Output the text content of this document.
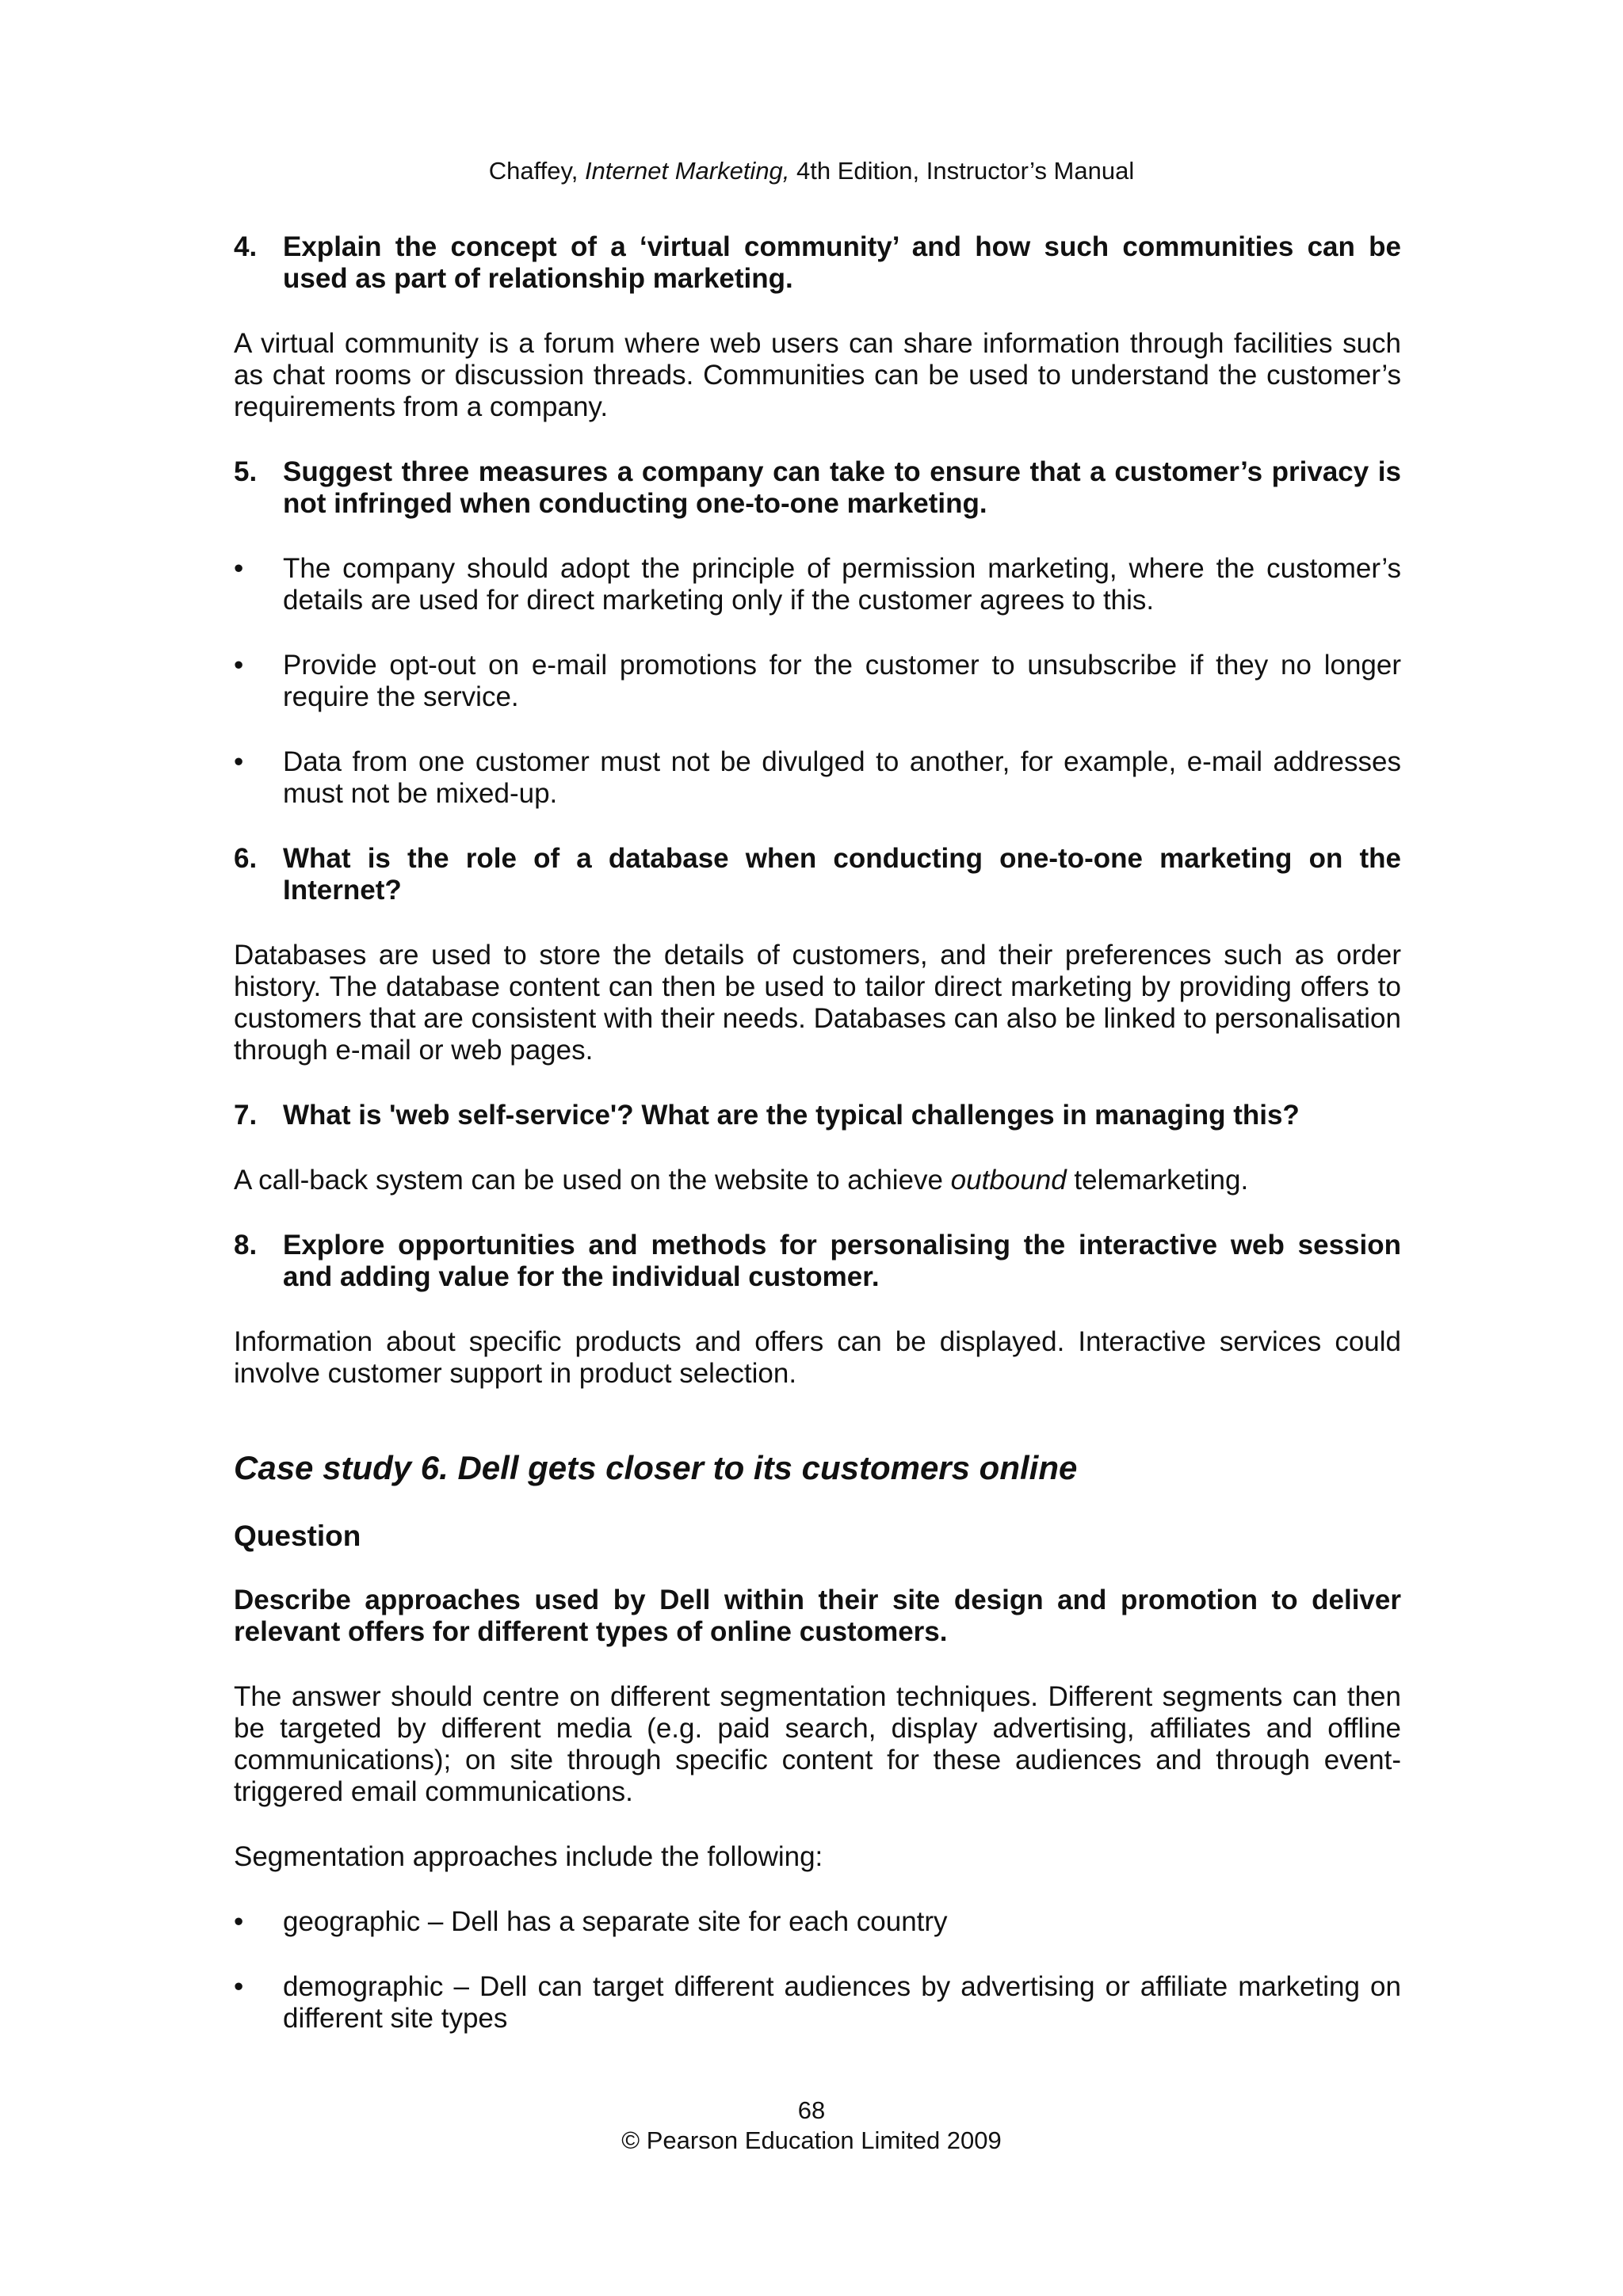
Chaffey, Internet Marketing, 4th Edition, Instructor’s Manual
4. Explain the concept of a ‘virtual community’ and how such communities can be used as part of relationship marketing.

A virtual community is a forum where web users can share information through facilities such as chat rooms or discussion threads. Communities can be used to understand the customer’s requirements from a company.

5. Suggest three measures a company can take to ensure that a customer’s privacy is not infringed when conducting one-to-one marketing.
•	The company should adopt the principle of permission marketing, where the customer’s details are used for direct marketing only if the customer agrees to this.
•	Provide opt-out on e-mail promotions for the customer to unsubscribe if they no longer require the service.
•	Data from one customer must not be divulged to another, for example, e-mail addresses must not be mixed-up.
6. What is the role of a database when conducting one-to-one marketing on the Internet?

Databases are used to store the details of customers, and their preferences such as order history. The database content can then be used to tailor direct marketing by providing offers to customers that are consistent with their needs. Databases can also be linked to personalisation through e-mail or web pages.

7. What is 'web self-service'? What are the typical challenges in managing this?

A call-back system can be used on the website to achieve outbound telemarketing.

8. Explore opportunities and methods for personalising the interactive web session and adding value for the individual customer.

Information about specific products and offers can be displayed. Interactive services could involve customer support in product selection.

Case study 6. Dell gets closer to its customers online
Question

Describe approaches used by Dell within their site design and promotion to deliver relevant offers for different types of online customers.

The answer should centre on different segmentation techniques. Different segments can then be targeted by different media (e.g. paid search, display advertising, affiliates and offline communications); on site through specific content for these audiences and through event-triggered email communications.

Segmentation approaches include the following:

•	geographic – Dell has a separate site for each country
•	demographic – Dell can target different audiences by advertising or affiliate marketing on different site types
68
© Pearson Education Limited 2009
